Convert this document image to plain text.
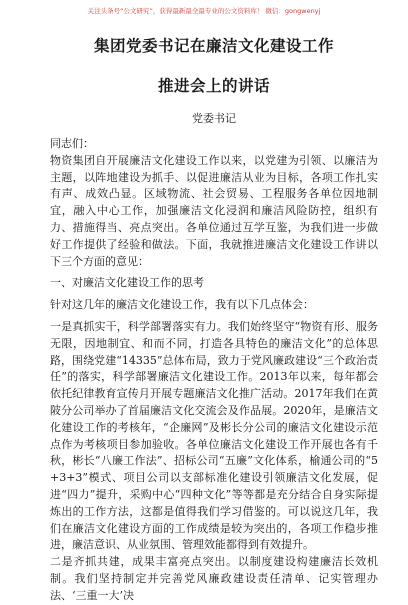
关注头条号“公文研究”，获得最新最全最专业的公文资料库！ 微信：gongwenyj
集团党委书记在廉洁文化建设工作
推进会上的讲话
党委书记

同志们：

物资集团自开展廉洁文化建设工作以来，以党建为引领、以廉洁为主题，以阵地建设为抓手、以促进廉洁从业为目标，各项工作扎实有声、成效凸显。区域物流、社会贸易、工程服务各单位因地制宜，融入中心工作，加强廉洁文化浸润和廉洁风险防控，组织有力、措施得当、亮点突出。各单位通过互学互鉴，为我们进一步做好工作提供了经验和做法。下面，我就推进廉洁文化建设工作讲以下三个方面的意见：

一、对廉洁文化建设工作的思考

针对这几年的廉洁文化建设工作，我有以下几点体会：

一是真抓实干，科学部署落实有力。我们始终坚守“物资有形、服务无限，因地制宜、和而不同，打造各具特色的廉洁文化”的总体思路，围绕党建“14335”总体布局，致力于党风廉政建设“三个政治责任”的落实，科学部署廉洁文化建设工作。2013年以来，每年都会依托纪律教育宣传月开展专题廉洁文化推广活动。2017年我们在黄陂分公司举办了首届廉洁文化交流会及作品展。2020年，是廉洁文化建设工作的考核年，“企廉网”及彬长分公司的廉洁文化建设示范点作为考核项目参加验收。各单位廉洁文化建设工作开展也各有千秋，彬长“八廉工作法”、招标公司“五廉”文化体系，榆通公司的“5+3+3”模式、项目公司以支部标准化建设引领廉洁文化发展，促进“四力”提升，采购中心“四种文化”等等都是充分结合自身实际提炼出的工作方法，这都是值得我们学习借鉴的。可以说这几年，我们在廉洁文化建设方面的工作成绩是较为突出的，各项工作稳步推进，廉洁意识、从业氛围、管理效能都得到有效提升。

二是齐抓共建，成果丰富亮点突出。以制度建设构建廉洁长效机制。我们坚持制定并完善党风廉政建设责任清单、记实管理办法、‘三重一大’决
